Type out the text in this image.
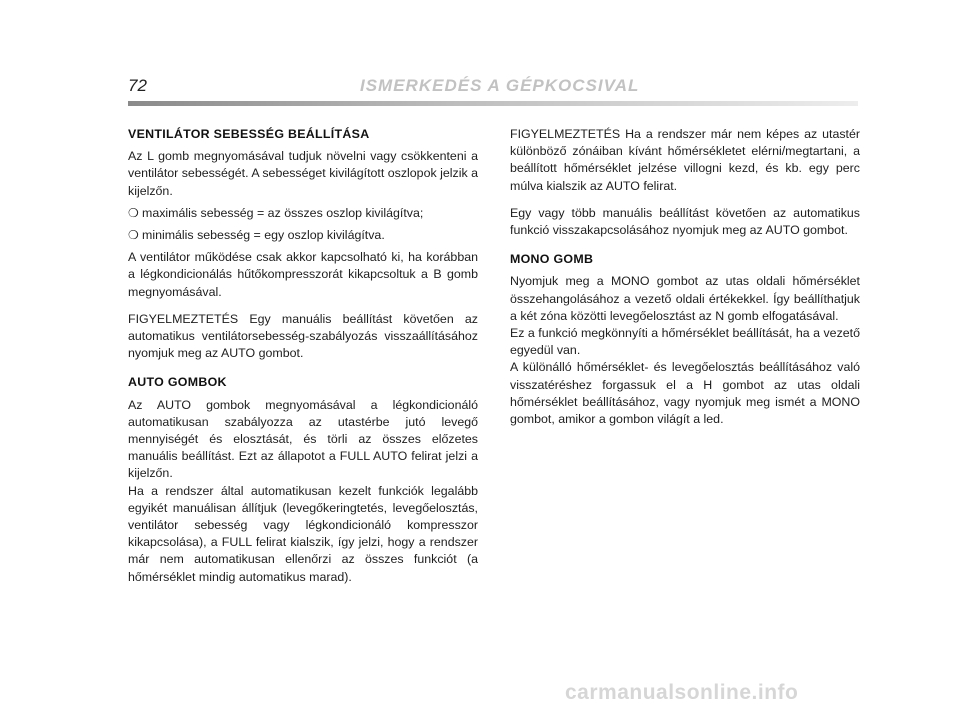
72	ISMERKEDÉS A GÉPKOCSIVAL
VENTILÁTOR SEBESSÉG BEÁLLÍTÁSA

Az L gomb megnyomásával tudjuk növelni vagy csökkenteni a ventilátor sebességét. A sebességet kivilágított oszlopok jelzik a kijelzőn.

❍ maximális sebesség = az összes oszlop kivilágítva;
❍ minimális sebesség = egy oszlop kivilágítva.

A ventilátor működése csak akkor kapcsolható ki, ha korábban a légkondicionálás hűtőkompresszorát kikapcsoltuk a B gomb megnyomásával.

FIGYELMEZTETÉS Egy manuális beállítást követően az automatikus ventilátorsebesség-szabályozás visszaállításához nyomjuk meg az AUTO gombot.

AUTO GOMBOK

Az AUTO gombok megnyomásával a légkondicionáló automatikusan szabályozza az utastérbe jutó levegő mennyiségét és elosztását, és törli az összes előzetes manuális beállítást. Ezt az állapotot a FULL AUTO felirat jelzi a kijelzőn.

Ha a rendszer által automatikusan kezelt funkciók legalább egyikét manuálisan állítjuk (levegőkeringtetés, levegőelosztás, ventilátor sebesség vagy légkondicionáló kompresszor kikapcsolása), a FULL felirat kialszik, így jelzi, hogy a rendszer már nem automatikusan ellenőrzi az összes funkciót (a hőmérséklet mindig automatikus marad).

FIGYELMEZTETÉS Ha a rendszer már nem képes az utastér különböző zónáiban kívánt hőmérsékletet elérni/megtartani, a beállított hőmérséklet jelzése villogni kezd, és kb. egy perc múlva kialszik az AUTO felirat.

Egy vagy több manuális beállítást követően az automatikus funkció visszakapcsolásához nyomjuk meg az AUTO gombot.

MONO GOMB

Nyomjuk meg a MONO gombot az utas oldali hőmérséklet összehangolásához a vezető oldali értékekkel. Így beállíthatjuk a két zóna közötti levegőelosztást az N gomb elfogatásával.

Ez a funkció megkönnyíti a hőmérséklet beállítását, ha a vezető egyedül van.

A különálló hőmérséklet- és levegőelosztás beállításához való visszatéréshez forgassuk el a H gombot az utas oldali hőmérséklet beállításához, vagy nyomjuk meg ismét a MONO gombot, amikor a gombon világít a led.

carmanualsonline.info
